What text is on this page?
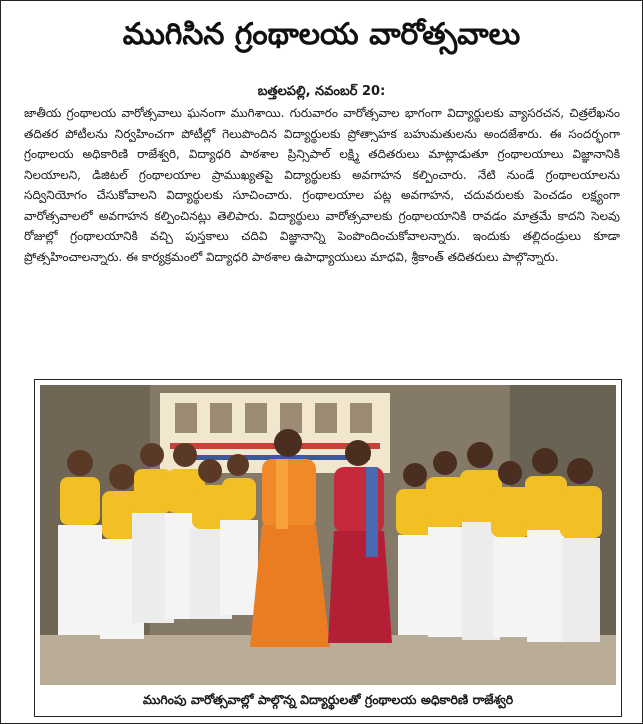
ముగిసిన గ్రంథాలయ వారోత్సవాలు
బత్తలపల్లి, నవంబర్ 20:
జాతీయ గ్రంథాలయ వారోత్సవాలు ఘనంగా ముగిశాయి. గురువారం వారోత్సవాల భాగంగా విద్యార్థులకు వ్యాసరచన, చిత్రలేఖనం తదితర పోటీలను నిర్వహించగా పోటీల్లో గెలుపొందిన విద్యార్థులకు ప్రోత్సాహక బహుమతులను అందజేశారు. ఈ సందర్భంగా గ్రంథాలయ అధికారిణి రాజేశ్వరి, విద్యాధరి పాఠశాల ప్రిన్సిపాల్ లక్ష్మి తదితరులు మాట్లాడుతూ గ్రంథాలయాలు విజ్ఞానానికి నిలయాలని, డిజిటల్ గ్రంథాలయాల ప్రాముఖ్యతపై విద్యార్థులకు అవగాహన కల్పించారు. నేటి నుండే గ్రంథాలయాలను సద్వినియోగం చేసుకోవాలని విద్యార్థులకు సూచించారు. గ్రంథాలయాల పట్ల అవగాహన, చదువరులకు పెంచడం లక్ష్యంగా వారోత్సవాలలో అవగాహన కల్పించినట్లు తెలిపారు. విద్యార్థులు వారోత్సవాలకు గ్రంథాలయానికి రావడం మాత్రమే కాదని సెలవు రోజుల్లో గ్రంథాలయానికి వచ్చి పుస్తకాలు చదివి విజ్ఞానాన్ని పెంపొందించుకోవాలన్నారు. ఇందుకు తల్లిదండ్రులు కూడా ప్రోత్సహించాలన్నారు. ఈ కార్యక్రమంలో విద్యాధరి పాఠశాల ఉపాధ్యాయులు మాధవి, శ్రీకాంత్ తదితరులు పాల్గొన్నారు.
ముగింపు వారోత్సవాల్లో పాల్గొన్న విద్యార్థులతో గ్రంథాలయ అధికారిణి రాజేశ్వరి
